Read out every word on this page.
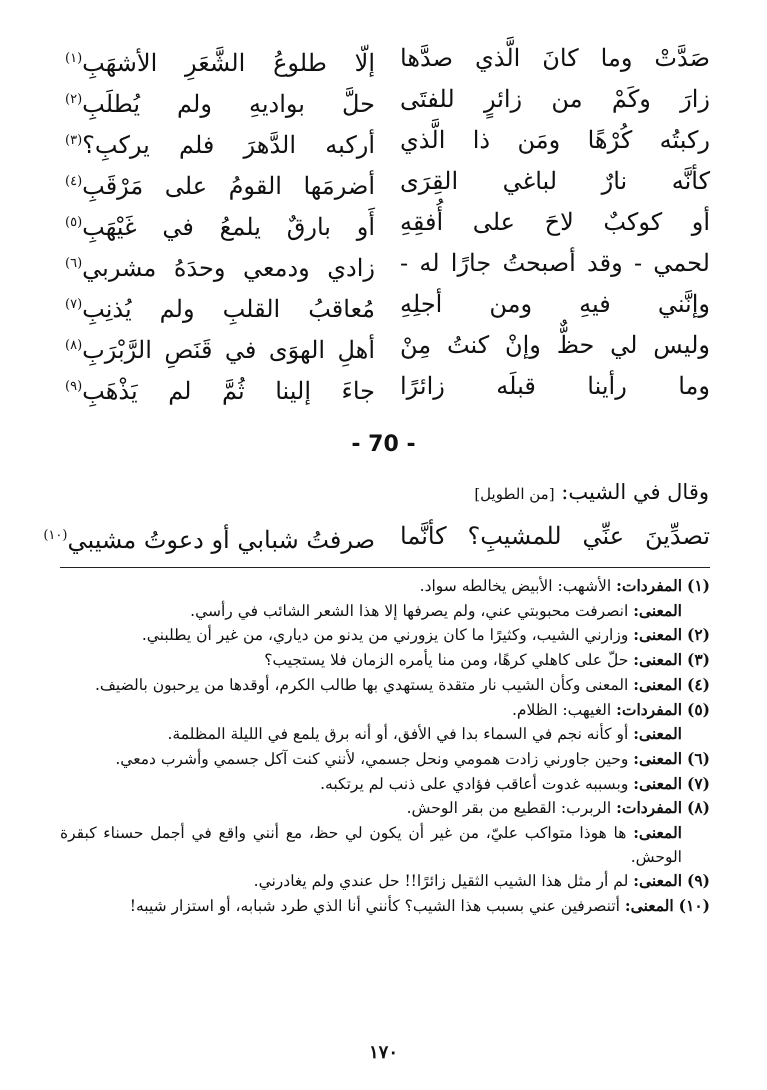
صَدَّتْ وما كانَ الَّذي صدَّها
إلّا طلوعُ الشَّعَرِ الأشهَبِ$^{(١)}$
زارَ وكَمْ من زائرٍ للفتَى
حلَّ بواديهِ ولم يُطلَبِ$^{(٢)}$
ركبتُه كُرْهًا ومَن ذا الَّذي
أركبه الدَّهرَ فلم يركبِ؟$^{(٣)}$
كأنَّه نارٌ لباغي القِرَى
أضرمَها القومُ على مَرْقَبِ$^{(٤)}$
أو كوكبٌ لاحَ على أُفقِهِ
أَو بارقٌ يلمعُ في غَيْهَبِ$^{(٥)}$
لحمي - وقد أصبحتُ جارًا له -
زادي ودمعي وحدَهُ مشربي$^{(٦)}$
وإنَّني فيهِ ومن أجلِهِ
مُعاقبُ القلبِ ولم يُذنِبِ$^{(٧)}$
وليس لي حظٌّ وإنْ كنتُ مِنْ
أهلِ الهوَى في قَنَصِ الرَّبْرَبِ$^{(٨)}$
وما رأينا قبلَه زائرًا
جاءَ إلينا ثُمَّ لم يَذْهَبِ$^{(٩)}$
- 70 -
وقال في الشيب: [من الطويل]
تصدِّينَ عنِّي للمشيبِ؟ كأنَّما
صرفتُ شبابي أو دعوتُ مشيبي$^{(١٠)}$
(١) المفردات: الأشهب: الأبيض يخالطه سواد.
المعنى: انصرفت محبوبتي عني، ولم يصرفها إلا هذا الشعر الشائب في رأسي.
(٢) المعنى: وزارني الشيب، وكثيرًا ما كان يزورني من يدنو من دياري، من غير أن يطلبني.
(٣) المعنى: حلّ على كاهلي كرهًا، ومن منا يأمره الزمان فلا يستجيب؟
(٤) المعنى: المعنى وكأن الشيب نار متقدة يستهدي بها طالب الكرم، أوقدها من يرحبون بالضيف.
(٥) المفردات: الغيهب: الظلام.
المعنى: أو كأنه نجم في السماء بدا في الأفق، أو أنه برق يلمع في الليلة المظلمة.
(٦) المعنى: وحين جاورني زادت همومي ونحل جسمي، لأنني كنت آكل جسمي وأشرب دمعي.
(٧) المعنى: وبسببه غدوت أعاقب فؤادي على ذنب لم يرتكبه.
(٨) المفردات: الربرب: القطيع من بقر الوحش.
المعنى: ها هوذا متواكب عليّ، من غير أن يكون لي حظ، مع أنني واقع في أجمل حسناء كبقرة الوحش.
(٩) المعنى: لم أر مثل هذا الشيب الثقيل زائرًا!! حل عندي ولم يغادرني.
(١٠) المعنى: أتنصرفين عني بسبب هذا الشيب؟ كأنني أنا الذي طرد شبابه، أو استزار شيبه!
١٧٠
